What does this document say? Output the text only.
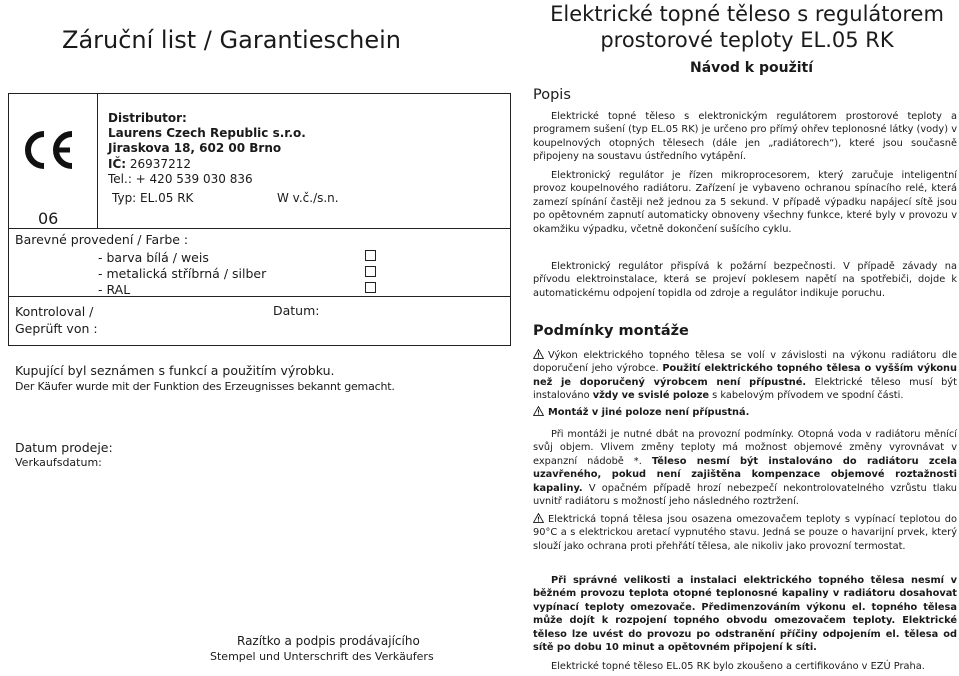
Záruční list / Garantieschein
06
Distributor:
Laurens Czech Republic s.r.o.
Jiraskova 18, 602 00 Brno
IČ: 26937212
Tel.: + 420 539 030 836
Typ: EL.05 RK	W v.č./s.n.
Barevné provedení / Farbe :
- barva bílá / weis
- metalická stříbrná / silber
- RAL
Kontroloval /
Geprüft von :
Datum:
Kupující byl seznámen s funkcí a použitím výrobku.
Der Käufer wurde mit der Funktion des Erzeugnisses bekannt gemacht.
Datum prodeje:
Verkaufsdatum:
Razítko a podpis prodávajícího
Stempel und Unterschrift des Verkäufers
Elektrické topné těleso s regulátorem
prostorové teploty EL.05 RK
Návod k použití
Popis
Elektrické topné těleso s elektronickým regulátorem prostorové teploty a programem sušení (typ EL.05 RK) je určeno pro přímý ohřev teplonosné látky (vody) v koupelnových otopných tělesech (dále jen „radiátorech“), které jsou současně připojeny na soustavu ústředního vytápění.
Elektronický regulátor je řízen mikroprocesorem, který zaručuje inteligentní provoz koupelnového radiátoru. Zařízení je vybaveno ochranou spínacího relé, která zamezí spínání častěji než jednou za 5 sekund. V případě výpadku napájecí sítě jsou po opětovném zapnutí automaticky obnoveny všechny funkce, které byly v provozu v okamžiku výpadku, včetně dokončení sušícího cyklu.
Elektronický regulátor přispívá k požární bezpečnosti. V případě závady na přívodu elektroinstalace, která se projeví poklesem napětí na spotřebiči, dojde k automatickému odpojení topidla od zdroje a regulátor indikuje poruchu.
Podmínky montáže
Výkon elektrického topného tělesa se volí v závislosti na výkonu radiátoru dle doporučení jeho výrobce. Použití elektrického topného tělesa o vyšším výkonu než je doporučený výrobcem není přípustné. Elektrické těleso musí být instalováno vždy ve svislé poloze s kabelovým přívodem ve spodní části.
Montáž v jiné poloze není přípustná.
Při montáži je nutné dbát na provozní podmínky. Otopná voda v radiátoru měnící svůj objem. Vlivem změny teploty má možnost objemové změny vyrovnávat v expanzní nádobě *. Těleso nesmí být instalováno do radiátoru zcela uzavřeného, pokud není zajištěna kompenzace objemové roztažnosti kapaliny. V opačném případě hrozí nebezpečí nekontrolovatelného vzrůstu tlaku uvnitř radiátoru s možností jeho následného roztržení.
Elektrická topná tělesa jsou osazena omezovačem teploty s vypínací teplotou do 90°C a s elektrickou aretací vypnutého stavu. Jedná se pouze o havarijní prvek, který slouží jako ochrana proti přehřátí tělesa, ale nikoliv jako provozní termostat.
Při správné velikosti a instalaci elektrického topného tělesa nesmí v běžném provozu teplota otopné teplonosné kapaliny v radiátoru dosahovat vypínací teploty omezovače. Předimenzováním výkonu el. topného tělesa může dojít k rozpojení topného obvodu omezovačem teploty. Elektrické těleso lze uvést do provozu po odstranění příčiny odpojením el. tělesa od sítě po dobu 10 minut a opětovném připojení k síti.
Elektrické topné těleso EL.05 RK bylo zkoušeno a certifikováno v EZÚ Praha.
